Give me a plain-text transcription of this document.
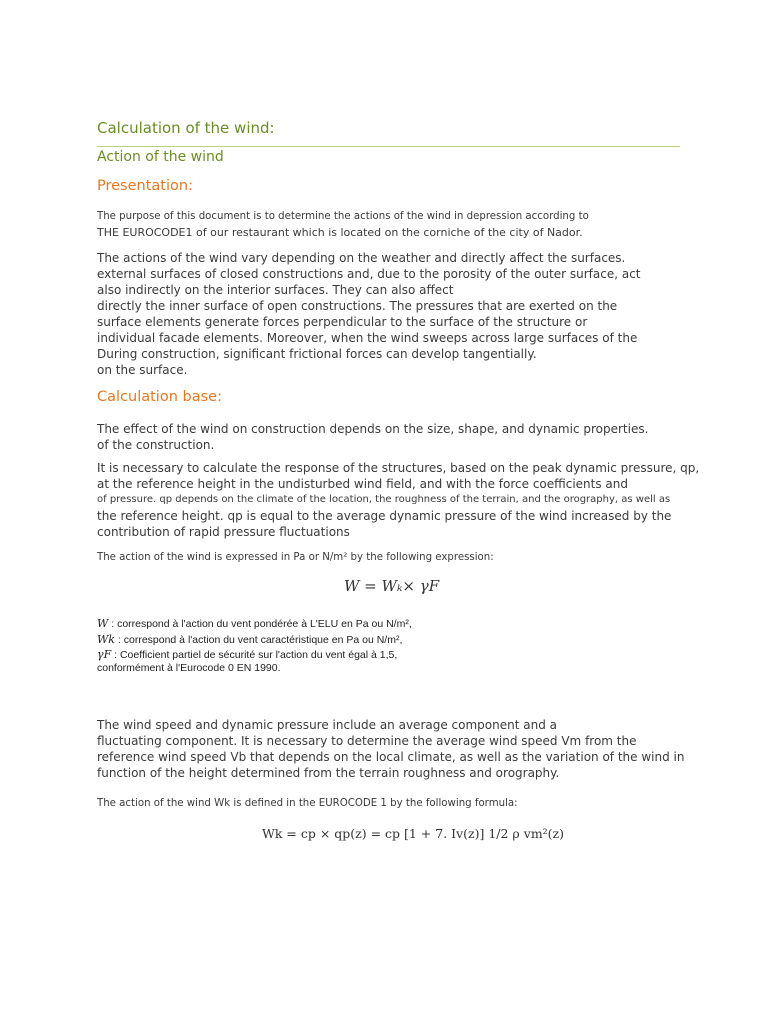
Calculation of the wind:
Action of the wind
Presentation:
The purpose of this document is to determine the actions of the wind in depression according to
THE EUROCODE1 of our restaurant which is located on the corniche of the city of Nador.
The actions of the wind vary depending on the weather and directly affect the surfaces.
external surfaces of closed constructions and, due to the porosity of the outer surface, act
also indirectly on the interior surfaces. They can also affect
directly the inner surface of open constructions. The pressures that are exerted on the
surface elements generate forces perpendicular to the surface of the structure or
individual facade elements. Moreover, when the wind sweeps across large surfaces of the
During construction, significant frictional forces can develop tangentially.
on the surface.
Calculation base:
The effect of the wind on construction depends on the size, shape, and dynamic properties.
of the construction.
It is necessary to calculate the response of the structures, based on the peak dynamic pressure, qp,
at the reference height in the undisturbed wind field, and with the force coefficients and
of pressure. qp depends on the climate of the location, the roughness of the terrain, and the orography, as well as
the reference height. qp is equal to the average dynamic pressure of the wind increased by the
contribution of rapid pressure fluctuations
The action of the wind is expressed in Pa or N/m² by the following expression:
W = Wₖ× γF
W : correspond à l'action du vent pondérée à L'ELU en Pa ou N/m²,
Wk : correspond à l'action du vent caractéristique en Pa ou N/m²,
γF : Coefficient partiel de sécurité sur l'action du vent égal à 1,5, conformément à l'Eurocode 0 EN 1990.
The wind speed and dynamic pressure include an average component and a
fluctuating component. It is necessary to determine the average wind speed Vm from the
reference wind speed Vb that depends on the local climate, as well as the variation of the wind in
function of the height determined from the terrain roughness and orography.
The action of the wind Wk is defined in the EUROCODE 1 by the following formula:
Wk = cp × qp(z) = cp [1 + 7. Iv(z)] 1/2 ρ vm²(z)
